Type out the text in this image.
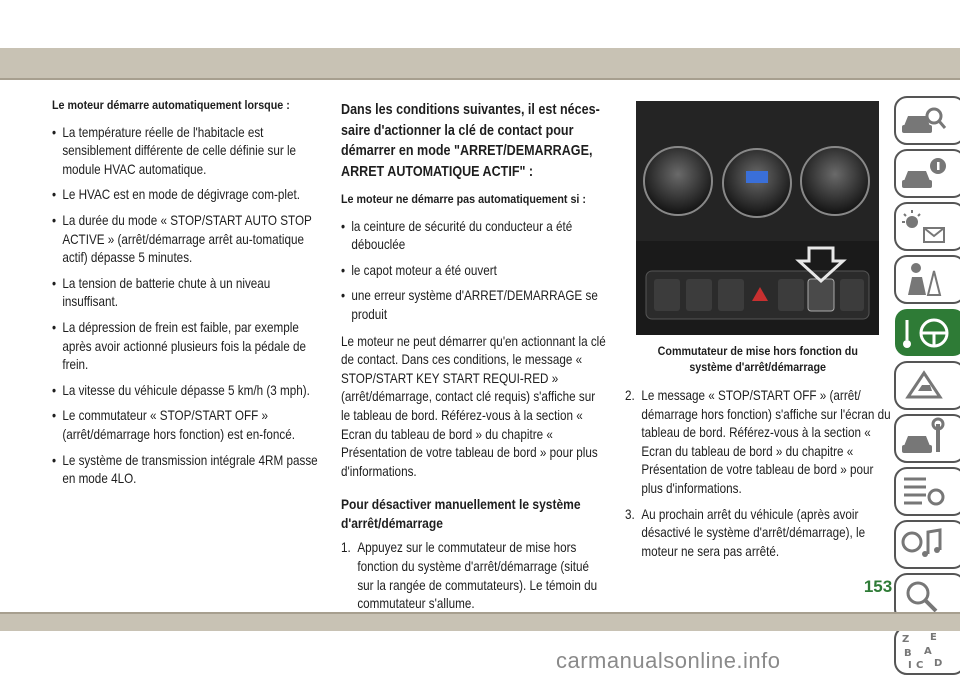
Le moteur démarre automatiquement lorsque :
• La température réelle de l'habitacle est sensiblement différente de celle définie sur le module HVAC automatique.
• Le HVAC est en mode de dégivrage com-plet.
• La durée du mode « STOP/START AUTO STOP ACTIVE » (arrêt/démarrage arrêt au-tomatique actif) dépasse 5 minutes.
• La tension de batterie chute à un niveau insuffisant.
• La dépression de frein est faible, par exemple après avoir actionné plusieurs fois la pédale de frein.
• La vitesse du véhicule dépasse 5 km/h (3 mph).
• Le commutateur « STOP/START OFF » (arrêt/démarrage hors fonction) est en-foncé.
• Le système de transmission intégrale 4RM passe en mode 4LO.
Dans les conditions suivantes, il est néces-saire d'actionner la clé de contact pour démarrer en mode "ARRET/DEMARRAGE, ARRET AUTOMATIQUE ACTIF" :
Le moteur ne démarre pas automatiquement si :
• la ceinture de sécurité du conducteur a été débouclée
• le capot moteur a été ouvert
• une erreur système d'ARRET/DEMARRAGE se produit

Le moteur ne peut démarrer qu'en actionnant la clé de contact. Dans ces conditions, le message « STOP/START KEY START REQUI-RED » (arrêt/démarrage, contact clé requis) s'affiche sur le tableau de bord. Référez-vous à la section « Ecran du tableau de bord » du chapitre « Présentation de votre tableau de bord » pour plus d'informations.

Pour désactiver manuellement le système d'arrêt/démarrage
1. Appuyez sur le commutateur de mise hors fonction du système d'arrêt/démarrage (situé sur la rangée de commutateurs). Le témoin du commutateur s'allume.
Commutateur de mise hors fonction du
système d'arrêt/démarrage
2. Le message « STOP/START OFF » (arrêt/ démarrage hors fonction) s'affiche sur l'écran du tableau de bord. Référez-vous à la section « Ecran du tableau de bord » du chapitre « Présentation de votre tableau de bord » pour plus d'informations.
3. Au prochain arrêt du véhicule (après avoir désactivé le système d'arrêt/démarrage), le moteur ne sera pas arrêté.
Z E
B A
I C D
153
carmanualsonline.info
